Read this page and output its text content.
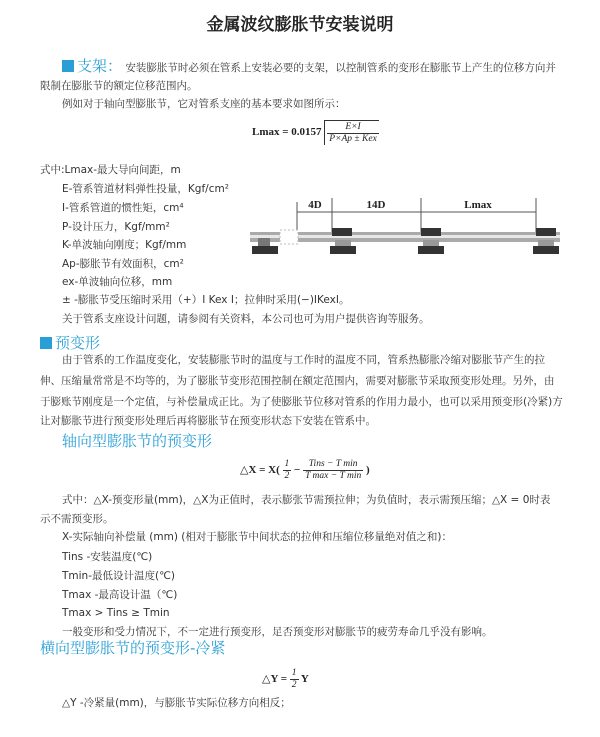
金属波纹膨胀节安装说明
支架： 安装膨胀节时必须在管系上安装必要的支架，以控制管系的变形在膨胀节上产生的位移方向并
限制在膨胀节的额定位移范围内。
例如对于轴向型膨胀节，它对管系支座的基本要求如图所示：
$Lmax = 0.0157 \frac{E\times I}{\text{P×Ap ± Kex}}$
式中:Lmax-最大导向间距，m
E-管系管道材料弹性投量，Kgf/cm²
I-管系管道的惯性矩，cm⁴
P-设计压力，Kgf/mm²
K-单波轴向刚度；Kgf/mm
Ap-膨胀节有效面积，cm²
ex-单波轴向位移，mm
± -膨胀节受压缩时采用（+）I Kex I；拉伸时采用(−)IKexI。
关于管系支座设计问题，请参阅有关资料，本公司也可为用户提供咨询等服务。
4D	14D	Lmax
预变形
由于管系的工作温度变化，安装膨胀节时的温度与工作时的温度不同，管系热膨胀冷缩对膨胀节产生的拉
伸、压缩量常常是不均等的，为了膨胀节变形范围控制在额定范围内，需要对膨胀节采取预变形处理。另外，由
于膨账节刚度是一个定值，与补偿量成正比。为了使膨胀节位移对管系的作用力最小，也可以采用预变形(冷紧)方
让对膨胀节进行预变形处理后再将膨胀节在预变形状态下安装在管系中。
轴向型膨胀节的预变形
△X = $X( \frac{1}{2} - \frac{\text{Tins − T min}}{\text{T max − T min}}$ )
式中：△X-预变形量(mm)，△X为正值时，表示膨张节需预拉伸；为负值时，表示需预压缩；△X = 0时表
示不需预变形。
X-实际轴向补偿量 (mm) (相对于膨胀节中间状态的拉伸和压缩位移量绝对值之和)：
Tins -安装温度(℃)
Tmin-最低设计温度(℃)
Tmax -最高设计温（℃)
Tmax > Tins ≥ Tmin
一般变形和受力情况下，不一定进行预变形，足否预变形对膨胀节的疲劳寿命几乎没有影响。
横向型膨胀节的预变形-冷紧
△Y = $\frac{1}{2}$ Y
△Y -冷紧量(mm)，与膨胀节实际位移方向相反；
